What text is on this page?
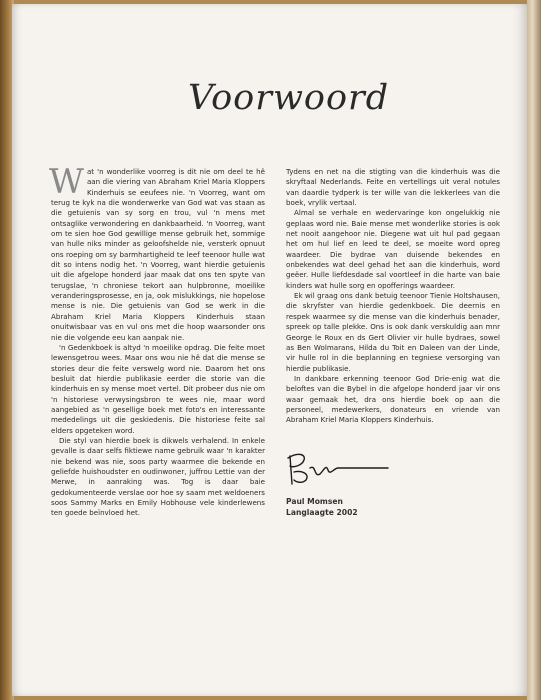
Voorwoord

Wat 'n wonderlike voorreg is dit nie om deel te hê aan die viering van Abraham Kriel Maria Kloppers Kinderhuis se eeufees nie. 'n Voorreg, want om terug te kyk na die wonderwerke van God wat vas staan as die getuienis van sy sorg en trou, vul 'n mens met ontsaglike verwondering en dankbaarheid. 'n Voorreg, want om te sien hoe God gewillige mense gebruik het, sommige van hulle niks minder as geloofshelde nie, versterk opnuut ons roeping om sy barmhartigheid te leef teenoor hulle wat dit so intens nodig het. 'n Voorreg, want hierdie getuienis uit die afgelope honderd jaar maak dat ons ten spyte van terugslae, 'n chroniese tekort aan hulpbronne, moeilike veranderingsprosesse, en ja, ook mislukkings, nie hopelose mense is nie. Die getuienis van God se werk in die Abraham Kriel Maria Kloppers Kinderhuis staan onuitwisbaar vas en vul ons met die hoop waarsonder ons nie die volgende eeu kan aanpak nie.

'n Gedenkboek is altyd 'n moeilike opdrag. Die feite moet lewensgetrou wees. Maar ons wou nie hê dat die mense se stories deur die feite verswelg word nie. Daarom het ons besluit dat hierdie publikasie eerder die storie van die kinderhuis en sy mense moet vertel. Dit probeer dus nie om 'n historiese verwysingsbron te wees nie, maar word aangebied as 'n gesellige boek met foto's en interessante mededelings uit die geskiedenis. Die historiese feite sal elders opgeteken word.

Die styl van hierdie boek is dikwels verhalend. In enkele gevalle is daar selfs fiktiewe name gebruik waar 'n karakter nie bekend was nie, soos party waarmee die bekende en geliefde huishoudster en oudinwoner, juffrou Lettie van der Merwe, in aanraking was. Tog is daar baie gedokumenteerde verslae oor hoe sy saam met weldoeners soos Sammy Marks en Emily Hobhouse vele kinderlewens ten goede beïnvloed het.

Tydens en net na die stigting van die kinderhuis was die skryftaal Nederlands. Feite en vertellings uit veral notules van daardie tydperk is ter wille van die lekkerlees van die boek, vrylik vertaal.

Almal se verhale en wedervaringe kon ongelukkig nie geplaas word nie. Baie mense met wonderlike stories is ook net nooit aangehoor nie. Diegene wat uit hul pad gegaan het om hul lief en leed te deel, se moeite word opreg waardeer. Die bydrae van duisende bekendes en onbekendes wat deel gehad het aan die kinderhuis, word geëer. Hulle liefdesdade sal voortleef in die harte van baie kinders wat hulle sorg en opofferings waardeer.

Ek wil graag ons dank betuig teenoor Tienie Holtshausen, die skryfster van hierdie gedenkboek. Die deernis en respek waarmee sy die mense van die kinderhuis benader, spreek op talle plekke. Ons is ook dank verskuldig aan mnr George le Roux en ds Gert Olivier vir hulle bydraes, sowel as Ben Wolmarans, Hilda du Toit en Daleen van der Linde, vir hulle rol in die beplanning en tegniese versorging van hierdie publikasie.

In dankbare erkenning teenoor God Drie-enig wat die beloftes van die Bybel in die afgelope honderd jaar vir ons waar gemaak het, dra ons hierdie boek op aan die personeel, medewerkers, donateurs en vriende van Abraham Kriel Maria Kloppers Kinderhuis.

Paul Momsen
Langlaagte 2002
